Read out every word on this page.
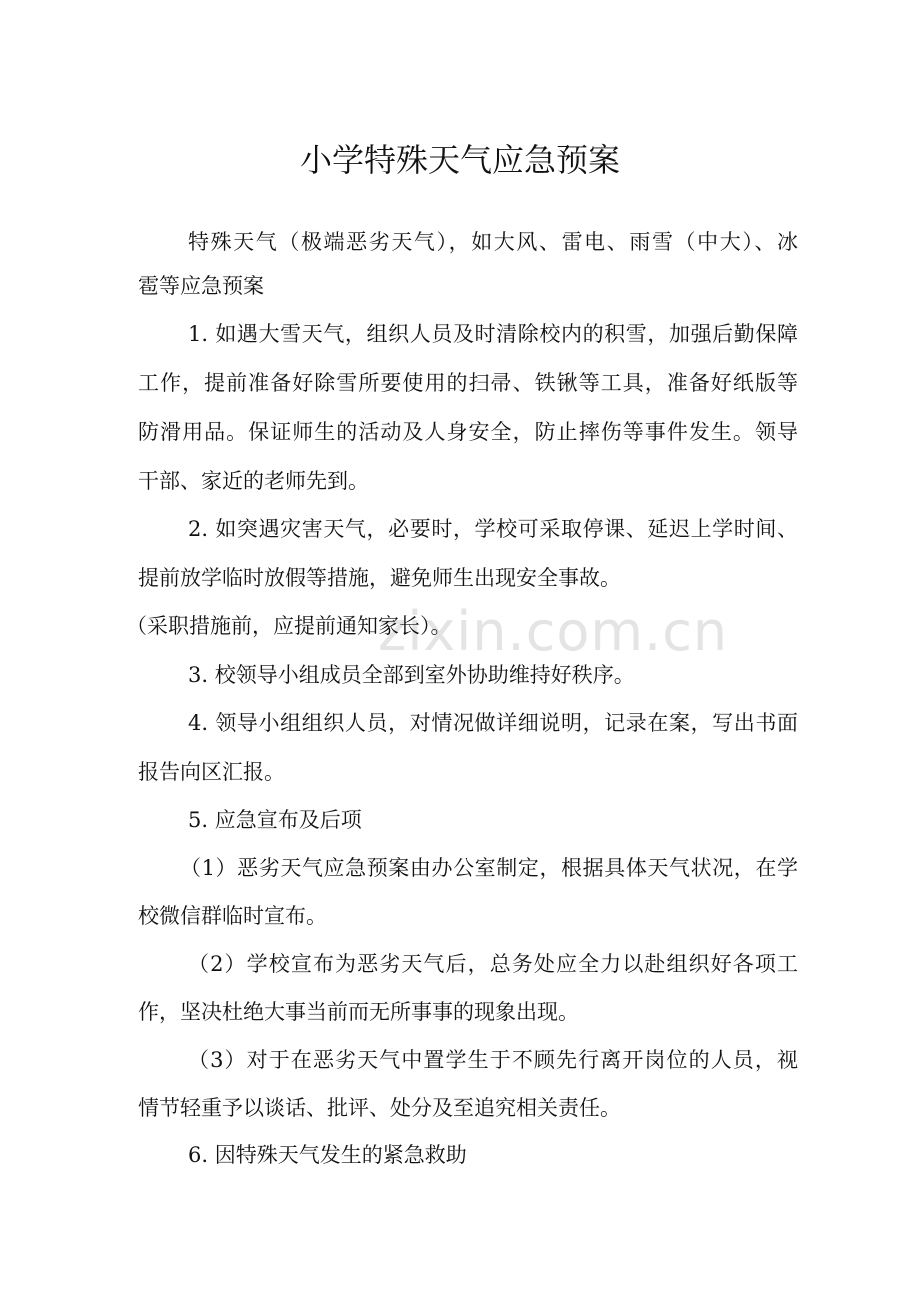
zixin.com.cn
小学特殊天气应急预案
特殊天气（极端恶劣天气），如大风、雷电、雨雪（中大）、冰
雹等应急预案
1. 如遇大雪天气，组织人员及时清除校内的积雪，加强后勤保障
工作，提前准备好除雪所要使用的扫帚、铁锹等工具，准备好纸版等
防滑用品。保证师生的活动及人身安全，防止摔伤等事件发生。领导
干部、家近的老师先到。
2. 如突遇灾害天气，必要时，学校可采取停课、延迟上学时间、
提前放学临时放假等措施，避免师生出现安全事故。
（采职措施前，应提前通知家长）。
3. 校领导小组成员全部到室外协助维持好秩序。
4. 领导小组组织人员，对情况做详细说明，记录在案，写出书面
报告向区汇报。
5. 应急宣布及后项
（1）恶劣天气应急预案由办公室制定，根据具体天气状况，在学
校微信群临时宣布。
（2）学校宣布为恶劣天气后，总务处应全力以赴组织好各项工
作，坚决杜绝大事当前而无所事事的现象出现。
（3）对于在恶劣天气中置学生于不顾先行离开岗位的人员，视
情节轻重予以谈话、批评、处分及至追究相关责任。
6. 因特殊天气发生的紧急救助
